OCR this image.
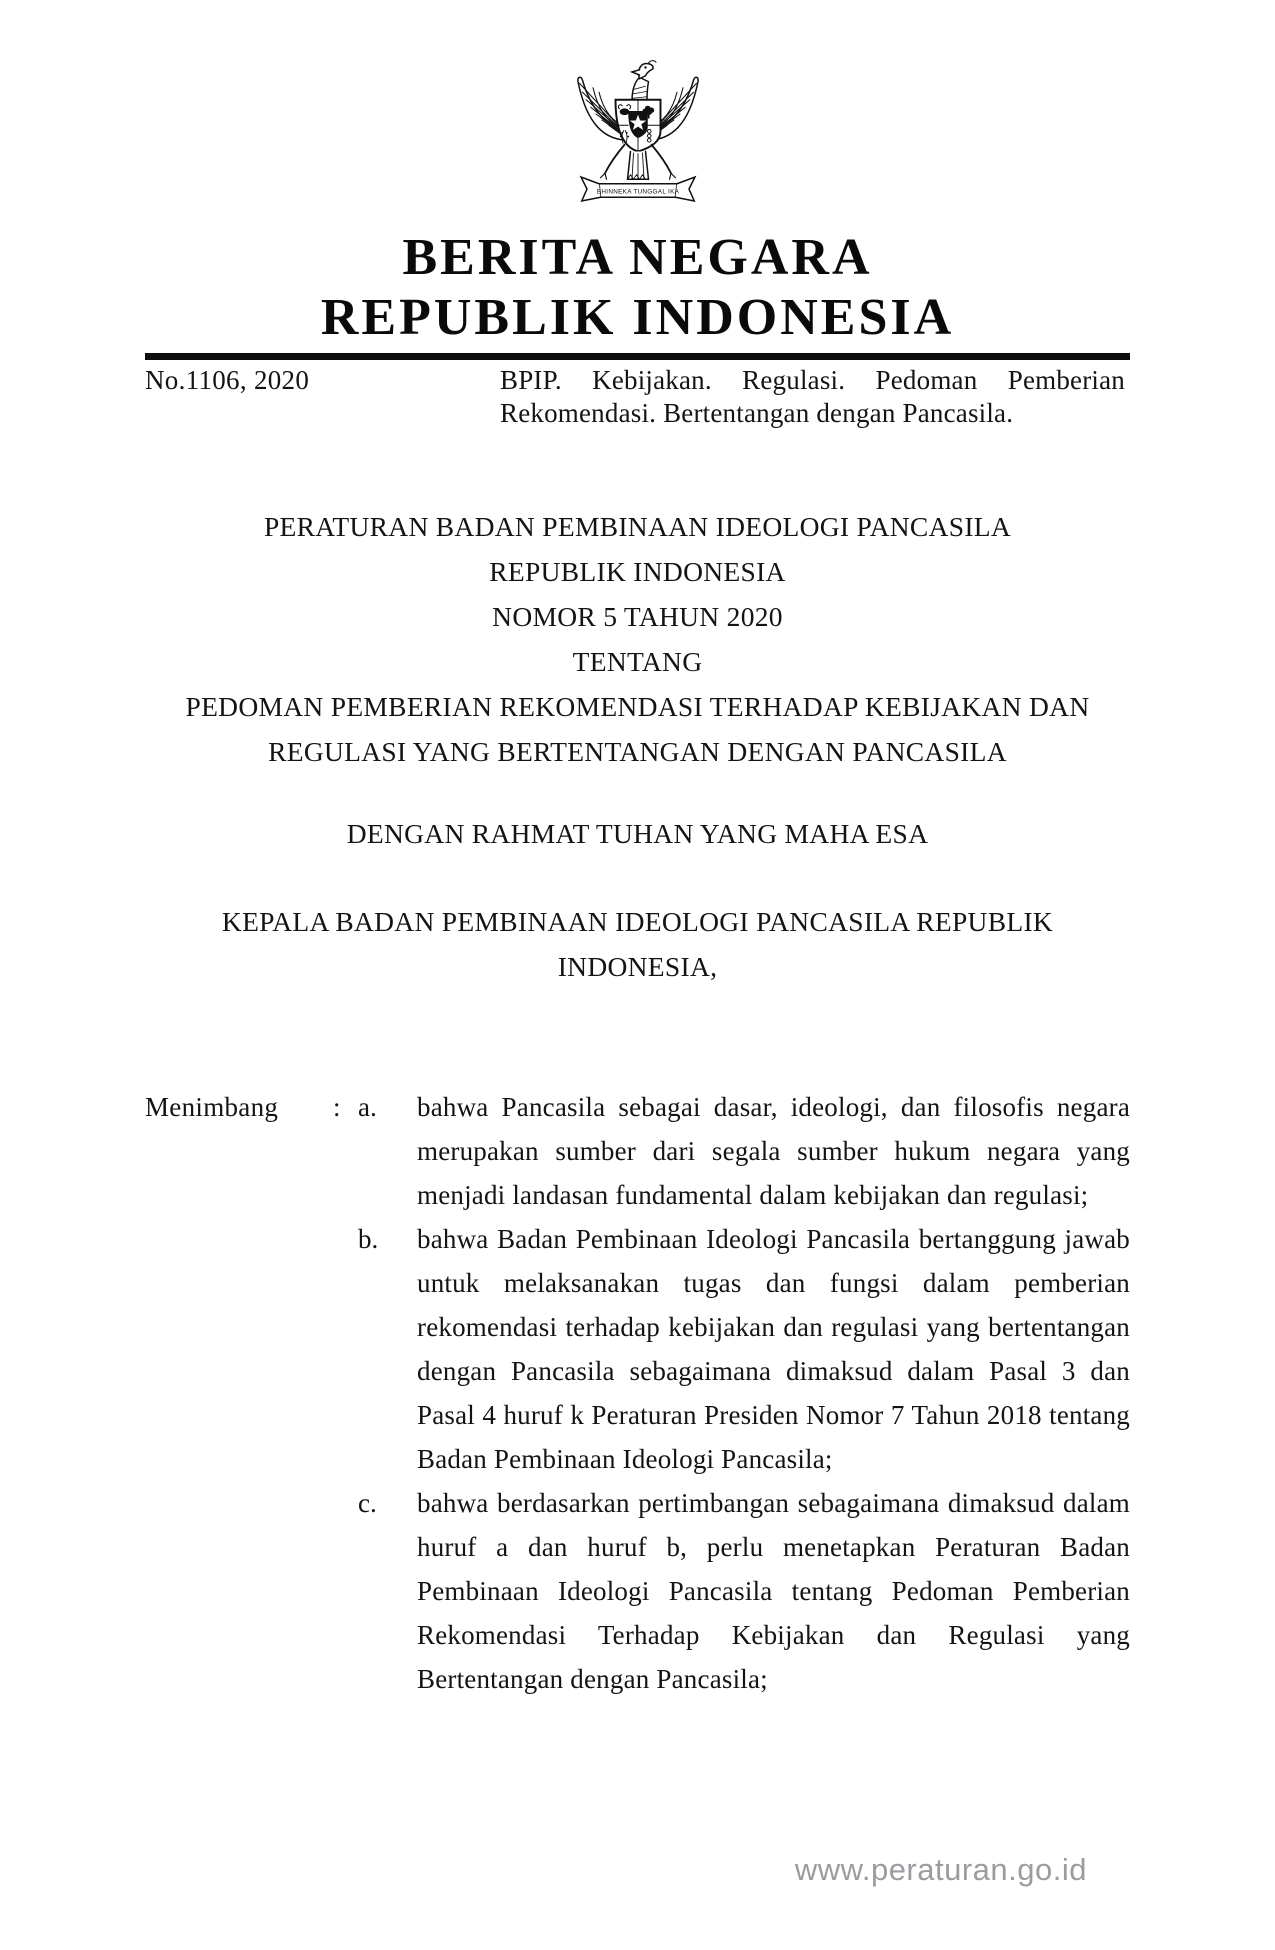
BHINNEKA TUNGGAL IKA
BERITA NEGARA
REPUBLIK INDONESIA
No.1106, 2020	BPIP. Kebijakan. Regulasi. Pedoman Pemberian Rekomendasi. Bertentangan dengan Pancasila.
PERATURAN BADAN PEMBINAAN IDEOLOGI PANCASILA
REPUBLIK INDONESIA
NOMOR 5 TAHUN 2020
TENTANG
PEDOMAN PEMBERIAN REKOMENDASI TERHADAP KEBIJAKAN DAN
REGULASI YANG BERTENTANGAN DENGAN PANCASILA
DENGAN RAHMAT TUHAN YANG MAHA ESA
KEPALA BADAN PEMBINAAN IDEOLOGI PANCASILA REPUBLIK INDONESIA,
Menimbang	: a.	bahwa Pancasila sebagai dasar, ideologi, dan filosofis negara merupakan sumber dari segala sumber hukum negara yang menjadi landasan fundamental dalam kebijakan dan regulasi;
b.	bahwa Badan Pembinaan Ideologi Pancasila bertanggung jawab untuk melaksanakan tugas dan fungsi dalam pemberian rekomendasi terhadap kebijakan dan regulasi yang bertentangan dengan Pancasila sebagaimana dimaksud dalam Pasal 3 dan Pasal 4 huruf k Peraturan Presiden Nomor 7 Tahun 2018 tentang Badan Pembinaan Ideologi Pancasila;
c.	bahwa berdasarkan pertimbangan sebagaimana dimaksud dalam huruf a dan huruf b, perlu menetapkan Peraturan Badan Pembinaan Ideologi Pancasila tentang Pedoman Pemberian Rekomendasi Terhadap Kebijakan dan Regulasi yang Bertentangan dengan Pancasila;
www.peraturan.go.id
